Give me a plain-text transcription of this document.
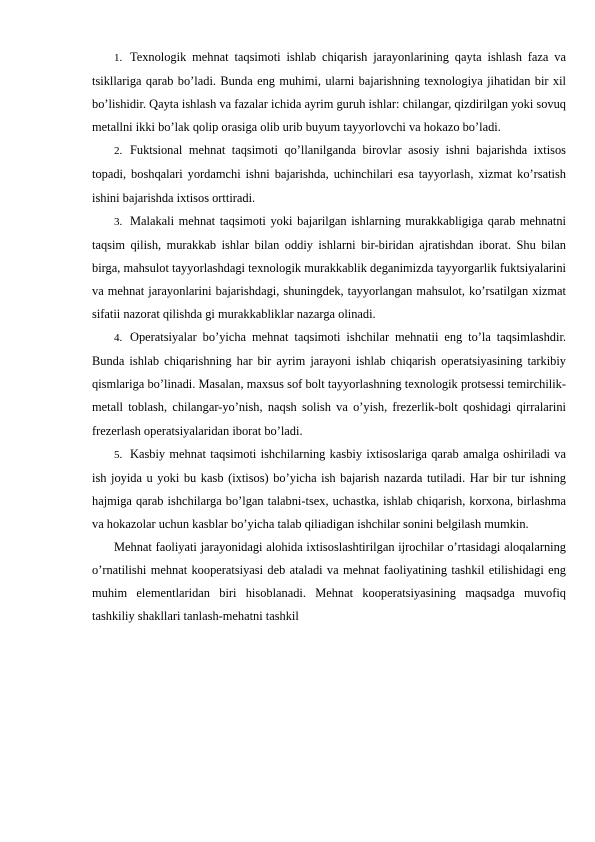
1. Texnologik mehnat taqsimoti ishlab chiqarish jarayonlarining qayta ishlash faza va tsikllariga qarab bo’ladi. Bunda eng muhimi, ularni bajarishning texnologiya jihatidan bir xil bo’lishidir. Qayta ishlash va fazalar ichida ayrim guruh ishlar: chilangar, qizdirilgan yoki sovuq metallni ikki bo’lak qolip orasiga olib urib buyum tayyorlovchi va hokazo bo’ladi.

2. Fuktsional mehnat taqsimoti qo’llanilganda birovlar asosiy ishni bajarishda ixtisos topadi, boshqalari yordamchi ishni bajarishda, uchinchilari esa tayyorlash, xizmat ko’rsatish ishini bajarishda ixtisos orttiradi.

3. Malakali mehnat taqsimoti yoki bajarilgan ishlarning murakkabligiga qarab mehnatni taqsim qilish, murakkab ishlar bilan oddiy ishlarni bir-biridan ajratishdan iborat. Shu bilan birga, mahsulot tayyorlashdagi texnologik murakkablik deganimizda tayyorgarlik fuktsiyalarini va mehnat jarayonlarini bajarishdagi, shuningdek, tayyorlangan mahsulot, ko’rsatilgan xizmat sifatii nazorat qilishda gi murakkabliklar nazarga olinadi.

4. Operatsiyalar bo’yicha mehnat taqsimoti ishchilar mehnatii eng to’la taqsimlashdir. Bunda ishlab chiqarishning har bir ayrim jarayoni ishlab chiqarish operatsiyasining tarkibiy qismlariga bo’linadi. Masalan, maxsus sof bolt tayyorlashning texnologik protsessi temirchilik-metall toblash, chilangar-yo’nish, naqsh solish va o’yish, frezerlik-bolt qoshidagi qirralarini frezerlash operatsiyalaridan iborat bo’ladi.

5. Kasbiy mehnat taqsimoti ishchilarning kasbiy ixtisoslariga qarab amalga oshiriladi va ish joyida u yoki bu kasb (ixtisos) bo’yicha ish bajarish nazarda tutiladi. Har bir tur ishning hajmiga qarab ishchilarga bo’lgan talabni-tsex, uchastka, ishlab chiqarish, korxona, birlashma va hokazolar uchun kasblar bo’yicha talab qiliadigan ishchilar sonini belgilash mumkin.

Mehnat faoliyati jarayonidagi alohida ixtisoslashtirilgan ijrochilar o’rtasidagi aloqalarning o’rnatilishi mehnat kooperatsiyasi deb ataladi va mehnat faoliyatining tashkil etilishidagi eng muhim elementlaridan biri hisoblanadi. Mehnat kooperatsiyasining maqsadga muvofiq tashkiliy shakllari tanlash-mehatni tashkil
